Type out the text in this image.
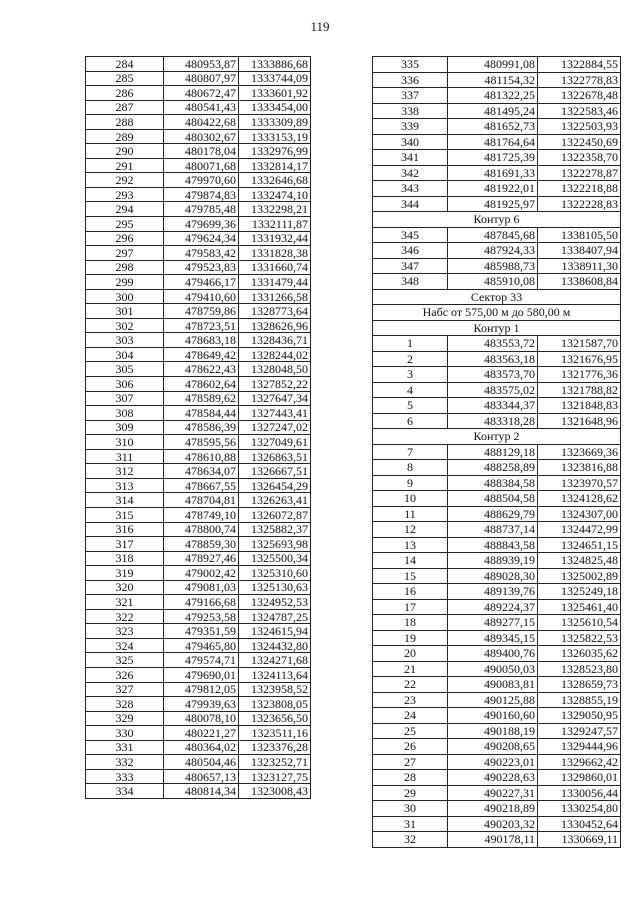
119
284	480953,87	1333886,68
285	480807,97	1333744,09
286	480672,47	1333601,92
287	480541,43	1333454,00
288	480422,68	1333309,89
289	480302,67	1333153,19
290	480178,04	1332976,99
291	480071,68	1332814,17
292	479970,60	1332646,68
293	479874,83	1332474,10
294	479785,48	1332298,21
295	479699,36	1332111,87
296	479624,34	1331932,44
297	479583,42	1331828,38
298	479523,83	1331660,74
299	479466,17	1331479,44
300	479410,60	1331266,58
301	478759,86	1328773,64
302	478723,51	1328626,96
303	478683,18	1328436,71
304	478649,42	1328244,02
305	478622,43	1328048,50
306	478602,64	1327852,22
307	478589,62	1327647,34
308	478584,44	1327443,41
309	478586,39	1327247,02
310	478595,56	1327049,61
311	478610,88	1326863,51
312	478634,07	1326667,51
313	478667,55	1326454,29
314	478704,81	1326263,41
315	478749,10	1326072,87
316	478800,74	1325882,37
317	478859,30	1325693,98
318	478927,46	1325500,34
319	479002,42	1325310,60
320	479081,03	1325130,63
321	479166,68	1324952,53
322	479253,58	1324787,25
323	479351,59	1324615,94
324	479465,80	1324432,80
325	479574,71	1324271,68
326	479690,01	1324113,64
327	479812,05	1323958,52
328	479939,63	1323808,05
329	480078,10	1323656,50
330	480221,27	1323511,16
331	480364,02	1323376,28
332	480504,46	1323252,71
333	480657,13	1323127,75
334	480814,34	1323008,43
335	480991,08	1322884,55
336	481154,32	1322778,83
337	481322,25	1322678,48
338	481495,24	1322583,46
339	481652,73	1322503,93
340	481764,64	1322450,69
341	481725,39	1322358,70
342	481691,33	1322278,87
343	481922,01	1322218,88
344	481925,97	1322228,83
Контур 6		
345	487845,68	1338105,50
346	487924,33	1338407,94
347	485988,73	1338911,30
348	485910,08	1338608,84
Сектор 33		
Набс от 575,00 м до 580,00 м		
Контур 1		
1	483553,72	1321587,70
2	483563,18	1321676,95
3	483573,70	1321776,36
4	483575,02	1321788,82
5	483344,37	1321848,83
6	483318,28	1321648,96
Контур 2		
7	488129,18	1323669,36
8	488258,89	1323816,88
9	488384,58	1323970,57
10	488504,58	1324128,62
11	488629,79	1324307,00
12	488737,14	1324472,99
13	488843,58	1324651,15
14	488939,19	1324825,48
15	489028,30	1325002,89
16	489139,76	1325249,18
17	489224,37	1325461,40
18	489277,15	1325610,54
19	489345,15	1325822,53
20	489400,76	1326035,62
21	490050,03	1328523,80
22	490083,81	1328659,73
23	490125,88	1328855,19
24	490160,60	1329050,95
25	490188,19	1329247,57
26	490208,65	1329444,96
27	490223,01	1329662,42
28	490228,63	1329860,01
29	490227,31	1330056,44
30	490218,89	1330254,80
31	490203,32	1330452,64
32	490178,11	1330669,11
